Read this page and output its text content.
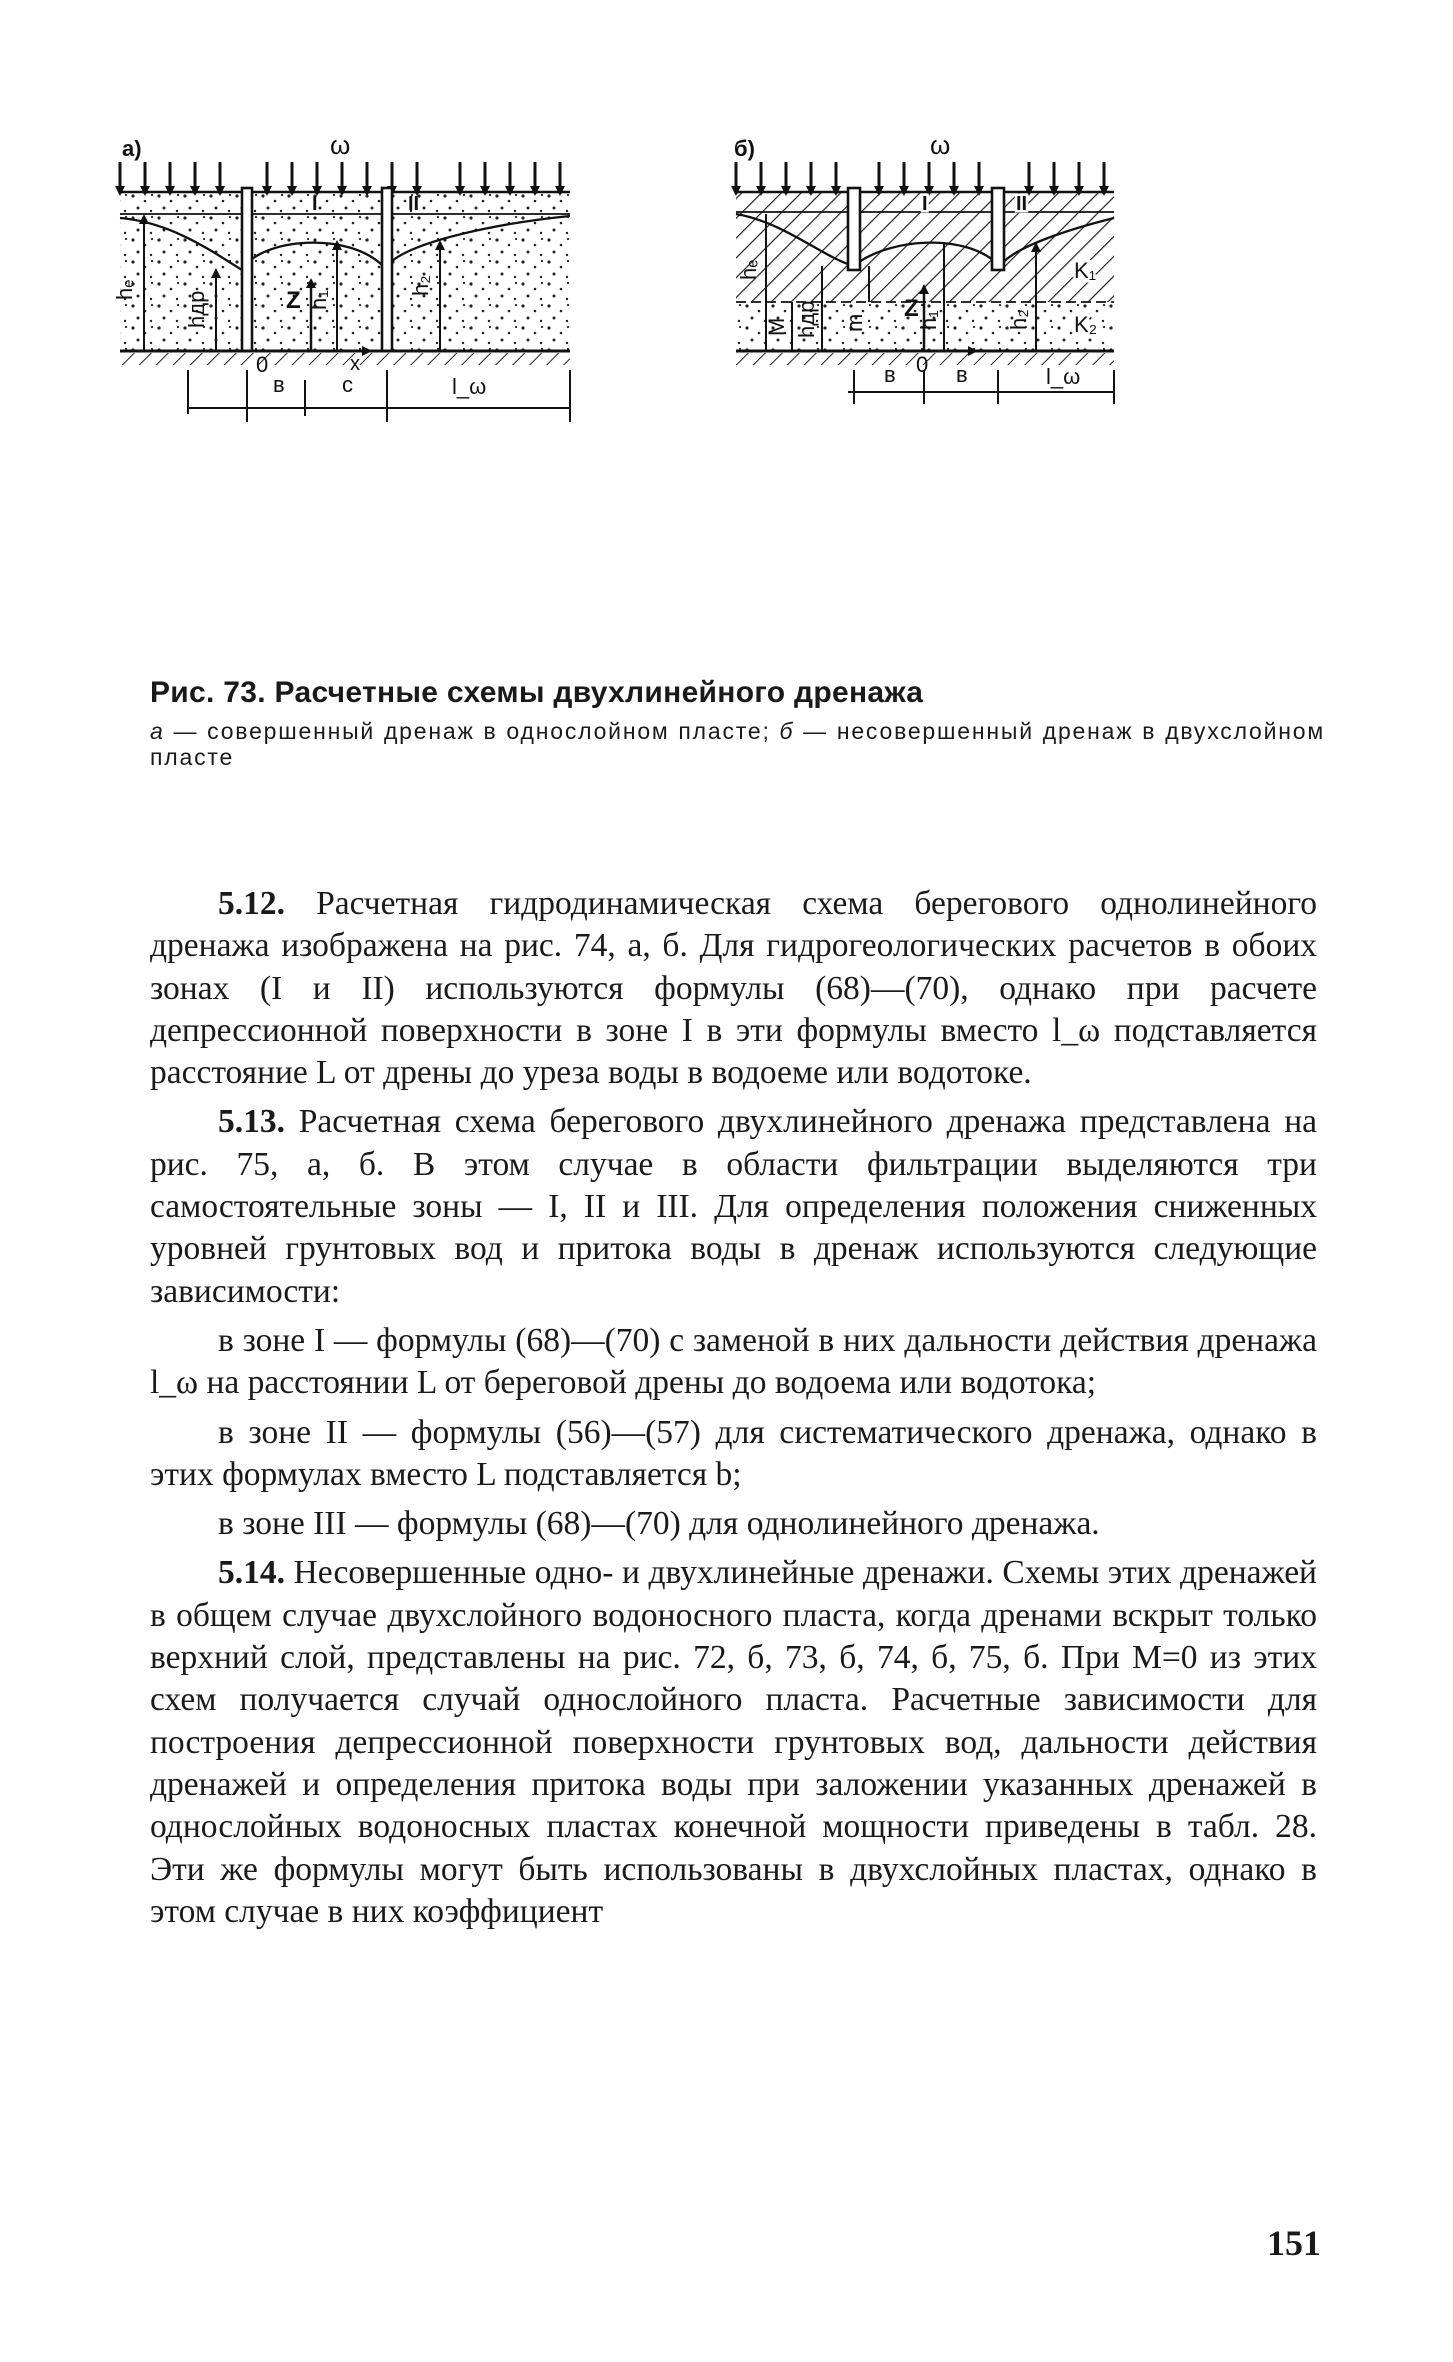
а)	ω
hₑ
hдр	Z h₁
h₂
I	II
0	x
в	с	l_ω
б)	ω
hₑ
M hдр m
Z
h₁	h₂
K₁
K₂
I	II
0
в	в	l_ω
Рис. 73. Расчетные схемы двухлинейного дренажа
а — совершенный дренаж в однослойном пласте; б — несовершенный дренаж в двухслойном пласте

5.12. Расчетная гидродинамическая схема берегового однолинейного дренажа изображена на рис. 74, а, б. Для гидрогеологических расчетов в обоих зонах (I и II) используются формулы (68)—(70), однако при расчете депрессионной поверхности в зоне I в эти формулы вместо l_ω подставляется расстояние L от дрены до уреза воды в водоеме или водотоке.

5.13. Расчетная схема берегового двухлинейного дренажа представлена на рис. 75, а, б. В этом случае в области фильтрации выделяются три самостоятельные зоны — I, II и III. Для определения положения сниженных уровней грунтовых вод и притока воды в дренаж используются следующие зависимости:

в зоне I — формулы (68)—(70) с заменой в них дальности действия дренажа l_ω на расстоянии L от береговой дрены до водоема или водотока;

в зоне II — формулы (56)—(57) для систематического дренажа, однако в этих формулах вместо L подставляется b;

в зоне III — формулы (68)—(70) для однолинейного дренажа.

5.14. Несовершенные одно- и двухлинейные дренажи. Схемы этих дренажей в общем случае двухслойного водоносного пласта, когда дренами вскрыт только верхний слой, представлены на рис. 72, б, 73, б, 74, б, 75, б. При M=0 из этих схем получается случай однослойного пласта. Расчетные зависимости для построения депрессионной поверхности грунтовых вод, дальности действия дренажей и определения притока воды при заложении указанных дренажей в однослойных водоносных пластах конечной мощности приведены в табл. 28. Эти же формулы могут быть использованы в двухслойных пластах, однако в этом случае в них коэффициент

151
